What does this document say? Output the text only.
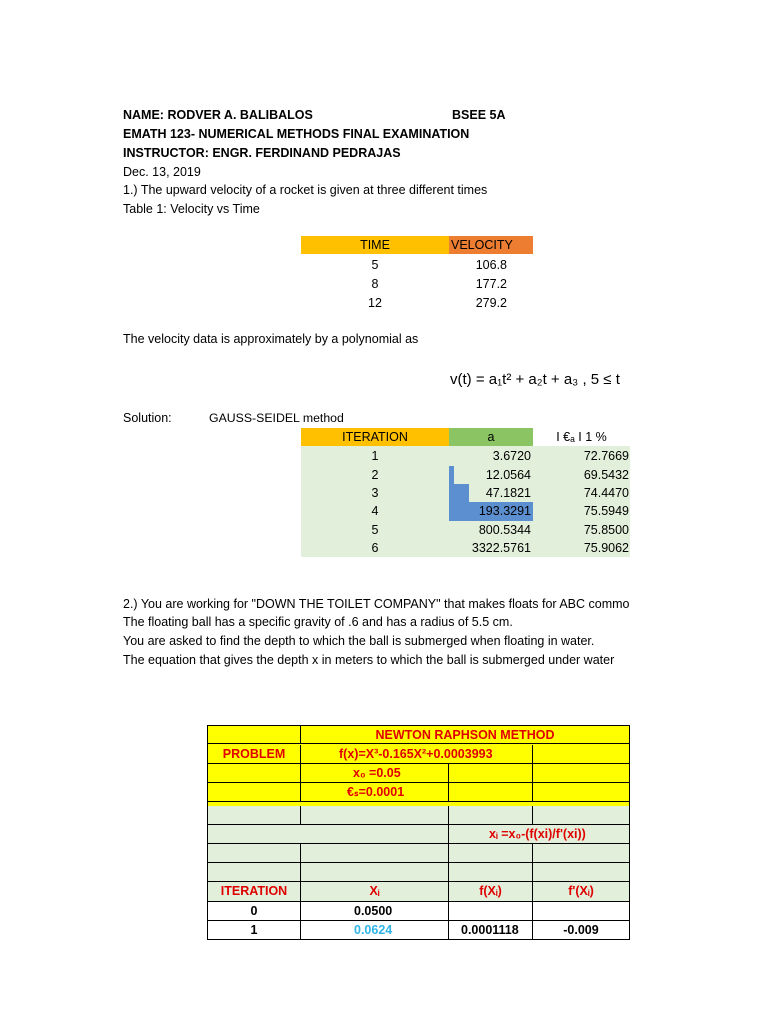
NAME: RODVER A. BALIBALOS	BSEE 5A
EMATH 123- NUMERICAL METHODS FINAL EXAMINATION
INSTRUCTOR: ENGR. FERDINAND PEDRAJAS
Dec. 13, 2019
1.) The upward velocity of a rocket is given at three different times
Table 1: Velocity vs Time
TIME	VELOCITY
5	106.8
8	177.2
12	279.2
The velocity data is approximately by a polynomial as
v(t) = a₁t² + a₂t + a₃ , 5 ≤ t
Solution:	GAUSS-SEIDEL method
ITERATION	a	I €ₐ I 1 %
1	3.6720	72.7669
2	12.0564	69.5432
3	47.1821	74.4470
4	193.3291	75.5949
5	800.5344	75.8500
6	3322.5761	75.9062
2.) You are working for "DOWN THE TOILET COMPANY" that makes floats for ABC commo
The floating ball has a specific gravity of .6 and has a radius of 5.5 cm.
You are asked to find the depth to which the ball is submerged when floating in water.
The equation that gives the depth x in meters to which the ball is submerged under water
NEWTON RAPHSON METHOD
PROBLEM	f(x)=X³-0.165X²+0.0003993
x₀ =0.05
€ₛ=0.0001
xᵢ =x₀-(f(xi)/f'(xi))
ITERATION	Xᵢ	f(Xᵢ)	f'(Xᵢ)
0	0.0500
1	0.0624	0.0001118	-0.009
